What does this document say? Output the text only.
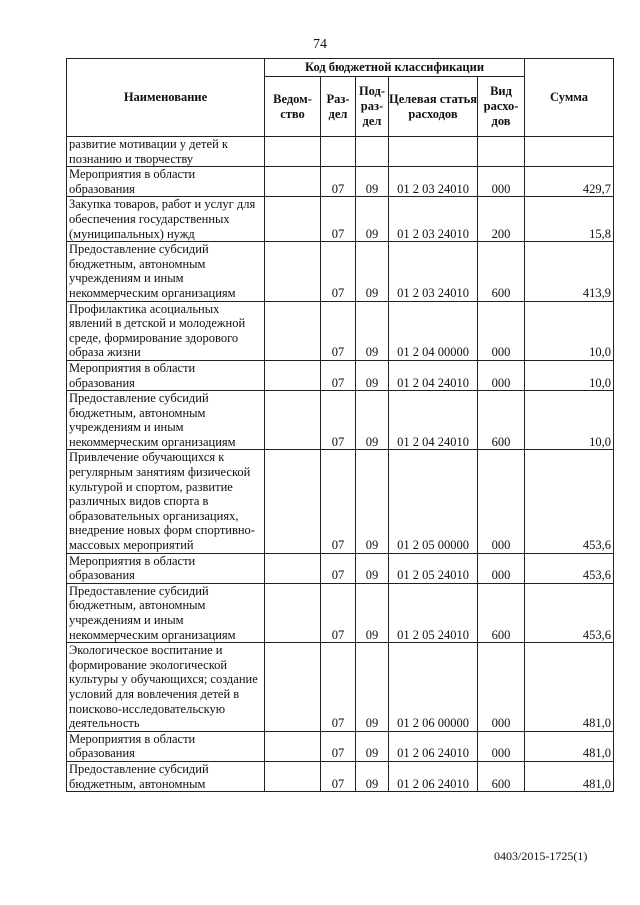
74
Наименование	Код бюджетной классификации					Сумма
	Ведом-ство	Раз-дел	Под-раз-дел	Целевая статья расходов	Вид расхо-дов	
развитие мотивации у детей к познанию и творчеству						
Мероприятия в области образования		07	09	01 2 03 24010	000	429,7
Закупка товаров, работ и услуг для обеспечения государственных (муниципальных) нужд		07	09	01 2 03 24010	200	15,8
Предоставление субсидий бюджетным, автономным учреждениям и иным некоммерческим организациям		07	09	01 2 03 24010	600	413,9
Профилактика асоциальных явлений в детской и молодежной среде, формирование здорового образа жизни		07	09	01 2 04 00000	000	10,0
Мероприятия в области образования		07	09	01 2 04 24010	000	10,0
Предоставление субсидий бюджетным, автономным учреждениям и иным некоммерческим организациям		07	09	01 2 04 24010	600	10,0
Привлечение обучающихся к регулярным занятиям физической культурой и спортом, развитие различных видов спорта в образовательных организациях, внедрение новых форм спортивно-массовых мероприятий		07	09	01 2 05 00000	000	453,6
Мероприятия в области образования		07	09	01 2 05 24010	000	453,6
Предоставление субсидий бюджетным, автономным учреждениям и иным некоммерческим организациям		07	09	01 2 05 24010	600	453,6
Экологическое воспитание и формирование экологической культуры у обучающихся; создание условий для вовлечения детей в поисково-исследовательскую деятельность		07	09	01 2 06 00000	000	481,0
Мероприятия в области образования		07	09	01 2 06 24010	000	481,0
Предоставление субсидий бюджетным, автономным		07	09	01 2 06 24010	600	481,0
0403/2015-1725(1)
